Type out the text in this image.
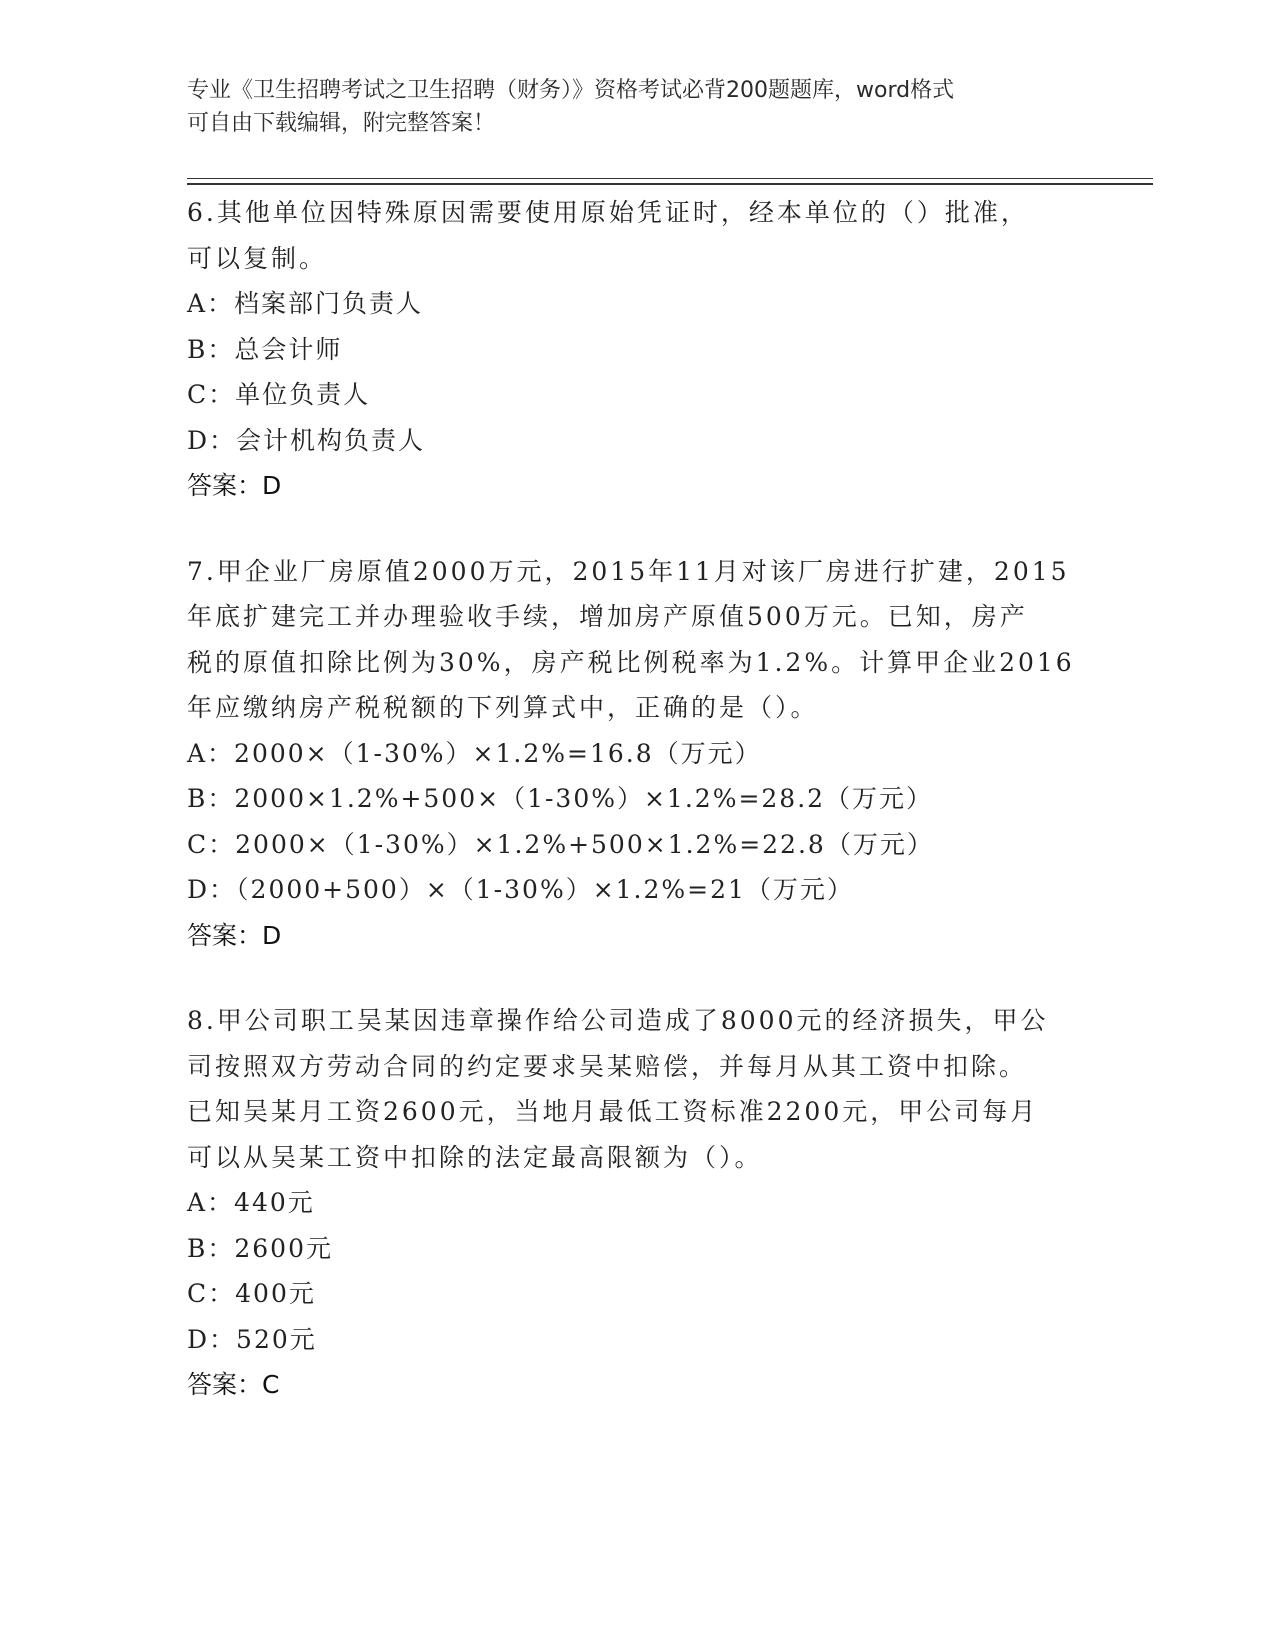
专业《卫生招聘考试之卫生招聘（财务）》资格考试必背200题题库，word格式
可自由下载编辑，附完整答案！
6.其他单位因特殊原因需要使用原始凭证时，经本单位的（）批准，
可以复制。
A：档案部门负责人
B：总会计师
C：单位负责人
D：会计机构负责人
答案：D
7.甲企业厂房原值2000万元，2015年11月对该厂房进行扩建，2015
年底扩建完工并办理验收手续，增加房产原值500万元。已知，房产
税的原值扣除比例为30%，房产税比例税率为1.2%。计算甲企业2016
年应缴纳房产税税额的下列算式中，正确的是（）。
A：2000×（1-30%）×1.2%=16.8（万元）
B：2000×1.2%+500×（1-30%）×1.2%=28.2（万元）
C：2000×（1-30%）×1.2%+500×1.2%=22.8（万元）
D：（2000+500）×（1-30%）×1.2%=21（万元）
答案：D
8.甲公司职工吴某因违章操作给公司造成了8000元的经济损失，甲公
司按照双方劳动合同的约定要求吴某赔偿，并每月从其工资中扣除。
已知吴某月工资2600元，当地月最低工资标准2200元，甲公司每月
可以从吴某工资中扣除的法定最高限额为（）。
A：440元
B：2600元
C：400元
D：520元
答案：C
